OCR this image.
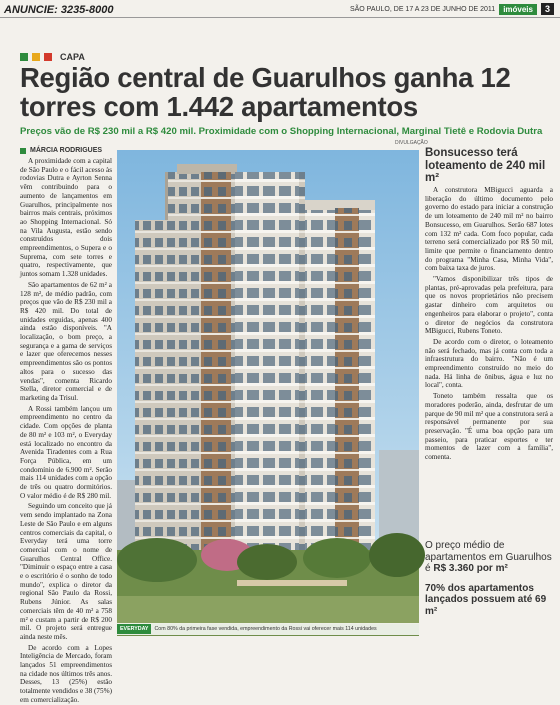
ANUNCIE: 3235-8000	SÃO PAULO, DE 17 A 23 DE JUNHO DE 2011	imóveis	3
CAPA
Região central de Guarulhos ganha 12 torres com 1.442 apartamentos
Preços vão de R$ 230 mil a R$ 420 mil. Proximidade com o Shopping Internacional, Marginal Tietê e Rodovia Dutra
DIVULGAÇÃO
MÁRCIA RODRIGUES

A proximidade com a capital de São Paulo e o fácil acesso às rodovias Dutra e Ayrton Senna vêm contribuindo para o aumento de lançamentos em Guarulhos, principalmente nos bairros mais centrais, próximos ao Shopping Internacional. Só na Vila Augusta, estão sendo construídos dois empreendimentos, o Supera e o Suprema, com sete torres e quatro, respectivamente, que juntos somam 1.328 unidades.

São apartamentos de 62 m² a 128 m², de médio padrão, com preços que vão de R$ 230 mil a R$ 420 mil. Do total de unidades erguidas, apenas 400 ainda estão disponíveis. "A localização, o bom preço, a segurança e a gama de serviços e lazer que oferecemos nesses empreendimentos são os pontos altos para o sucesso das vendas", comenta Ricardo Stella, diretor comercial e de marketing da Trisul.

A Rossi também lançou um empreendimento no centro da cidade. Com opções de planta de 80 m² e 103 m², o Everyday está localizado no encontro da Avenida Tiradentes com a Rua Força Pública, em um condomínio de 6.900 m². Serão mais 114 unidades com a opção de três ou quatro dormitórios. O valor médio é de R$ 280 mil.

Seguindo um conceito que já vem sendo implantado na Zona Leste de São Paulo e em alguns centros comerciais da capital, o Everyday terá uma torre comercial com o nome de Guarulhos Central Office. "Diminuir o espaço entre a casa e o escritório é o sonho de todo mundo", explica o diretor da regional São Paulo da Rossi, Rubens Júnior. As salas comerciais têm de 40 m² a 758 m² e custam a partir de R$ 200 mil. O projeto será entregue ainda neste mês.

De acordo com a Lopes Inteligência de Mercado, foram lançados 51 empreendimentos na cidade nos últimos três anos. Desses, 13 (25%) estão totalmente vendidos e 38 (75%) em comercialização.

EVERYDAY	Com 80% da primeira fase vendida, empreendimento da Rossi vai oferecer mais 114 unidades
Bonsucesso terá loteamento de 240 mil m²

A construtora MBigucci aguarda a liberação do último documento pelo governo do estado para iniciar a construção de um loteamento de 240 mil m² no bairro Bonsucesso, em Guarulhos. Serão 687 lotes com 132 m² cada. Com foco popular, cada terreno será comercializado por R$ 50 mil, limite que permite o financiamento dentro do programa "Minha Casa, Minha Vida", com baixa taxa de juros.

"Vamos disponibilizar três tipos de plantas, pré-aprovadas pela prefeitura, para que os novos proprietários não precisem gastar dinheiro com arquitetos ou engenheiros para elaborar o projeto", conta o diretor de negócios da construtora MBigucci, Rubens Toneto.

De acordo com o diretor, o loteamento não será fechado, mas já conta com toda a infraestrutura do bairro. "Não é um empreendimento construído no meio do nada. Há linha de ônibus, água e luz no local", conta.

Toneto também ressalta que os moradores poderão, ainda, desfrutar de um parque de 90 mil m² que a construtora será a responsável permanente por sua preservação. "É uma boa opção para um passeio, para praticar esportes e ter momentos de lazer com a família", comenta.

O preço médio de apartamentos em Guarulhos é R$ 3.360 por m²

70% dos apartamentos lançados possuem até 69 m²
